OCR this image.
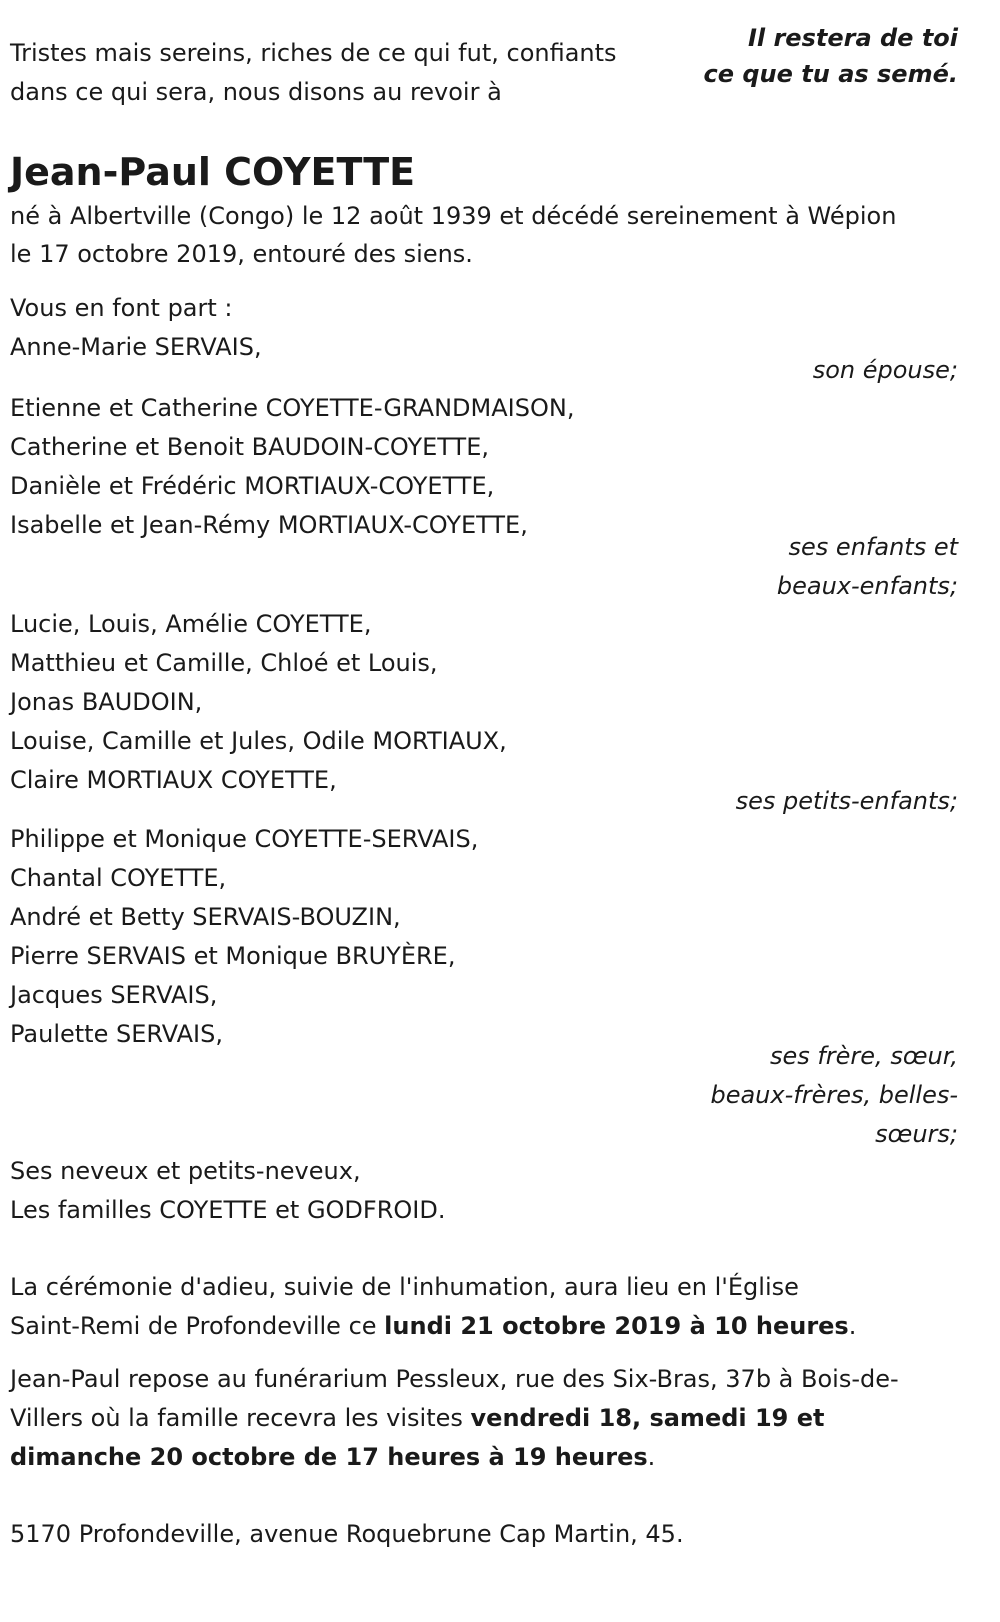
Tristes mais sereins, riches de ce qui fut, confiants
dans ce qui sera, nous disons au revoir à
Il restera de toi
ce que tu as semé.
Jean-Paul COYETTE
né à Albertville (Congo) le 12 août 1939 et décédé sereinement à Wépion
le 17 octobre 2019, entouré des siens.
Vous en font part :
Anne-Marie SERVAIS,
son épouse;
Etienne et Catherine COYETTE-GRANDMAISON,
Catherine et Benoit BAUDOIN-COYETTE,
Danièle et Frédéric MORTIAUX-COYETTE,
Isabelle et Jean-Rémy MORTIAUX-COYETTE,
ses enfants et
beaux-enfants;
Lucie, Louis, Amélie COYETTE,
Matthieu et Camille, Chloé et Louis,
Jonas BAUDOIN,
Louise, Camille et Jules, Odile MORTIAUX,
Claire MORTIAUX COYETTE,
ses petits-enfants;
Philippe et Monique COYETTE-SERVAIS,
Chantal COYETTE,
André et Betty SERVAIS-BOUZIN,
Pierre SERVAIS et Monique BRUYÈRE,
Jacques SERVAIS,
Paulette SERVAIS,
ses frère, sœur,
beaux-frères, belles-
sœurs;
Ses neveux et petits-neveux,
Les familles COYETTE et GODFROID.
La cérémonie d'adieu, suivie de l'inhumation, aura lieu en l'Église
Saint-Remi de Profondeville ce lundi 21 octobre 2019 à 10 heures.
Jean-Paul repose au funérarium Pessleux, rue des Six-Bras, 37b à Bois-de-
Villers où la famille recevra les visites vendredi 18, samedi 19 et
dimanche 20 octobre de 17 heures à 19 heures.
5170 Profondeville, avenue Roquebrune Cap Martin, 45.
